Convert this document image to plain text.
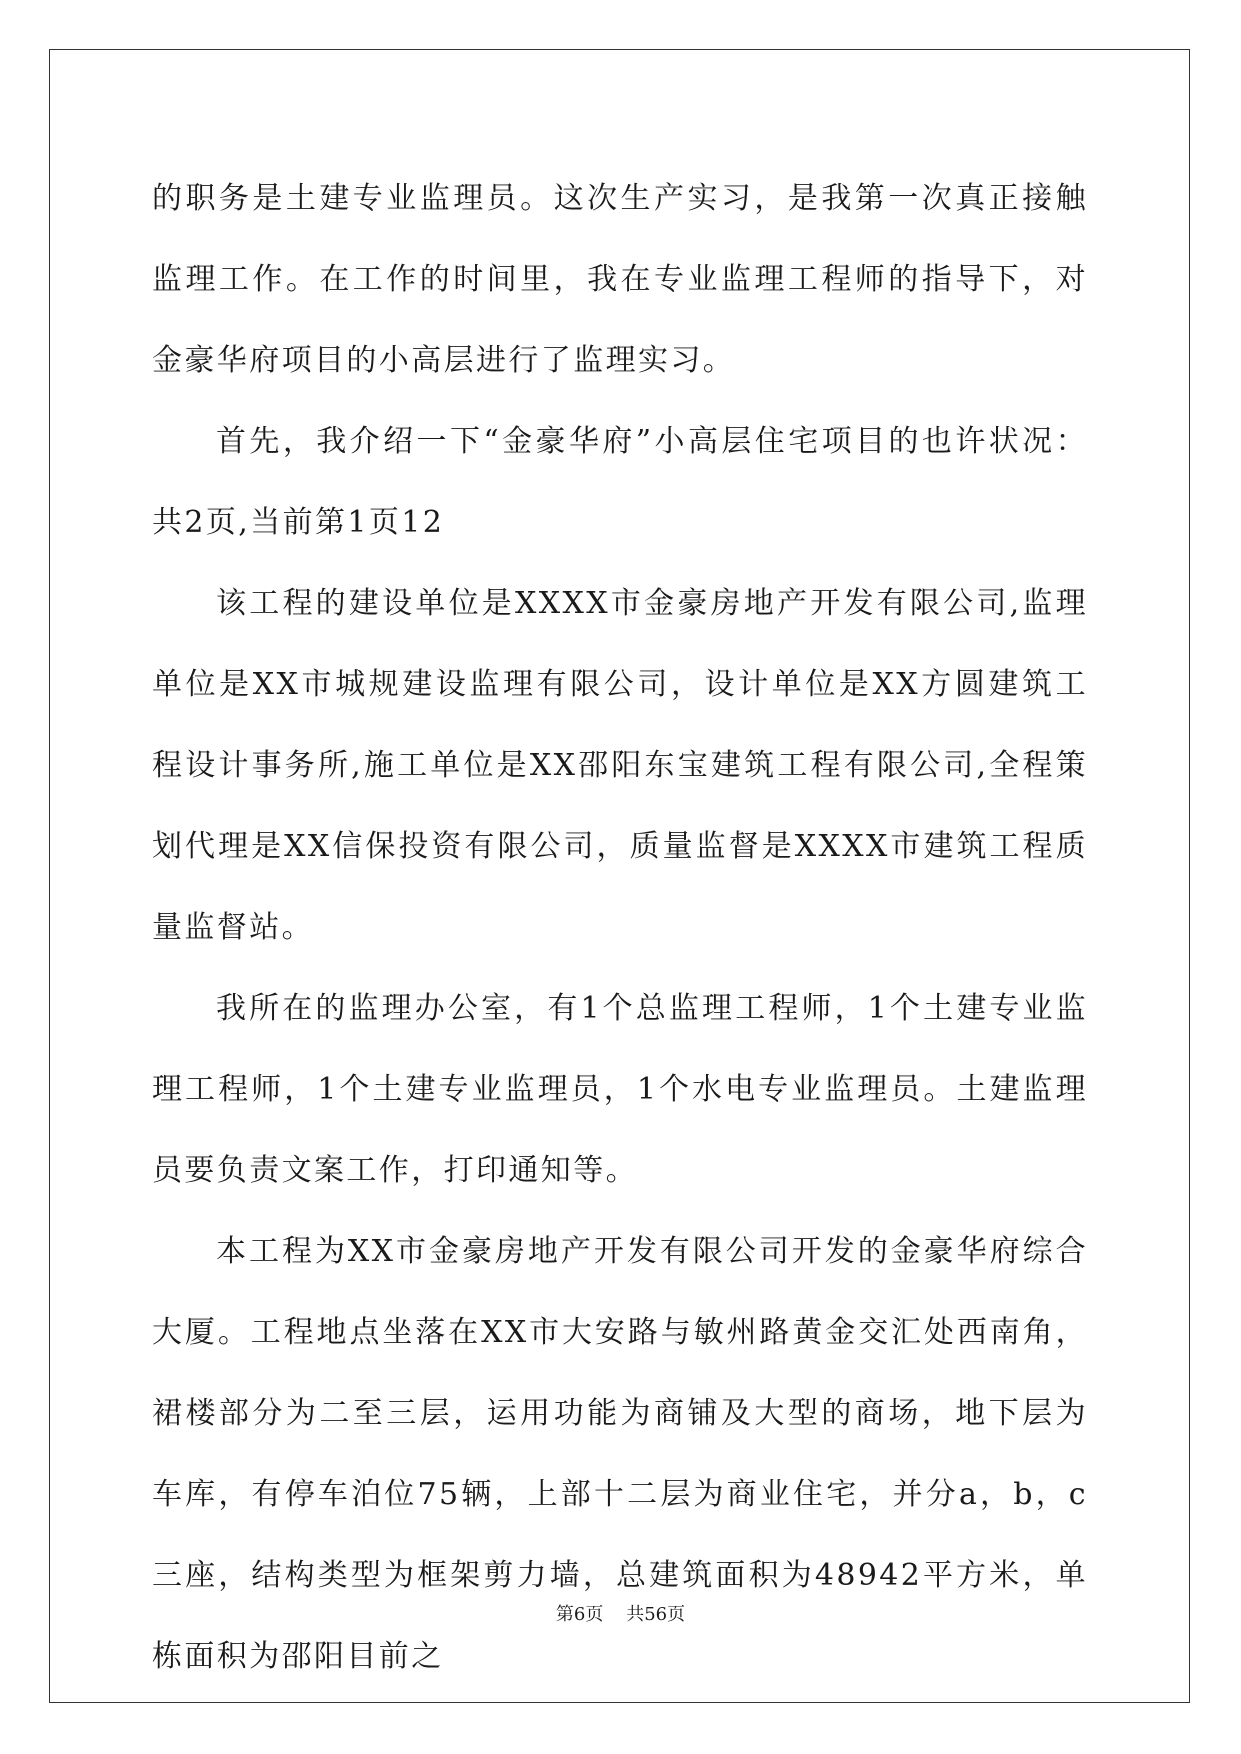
的职务是土建专业监理员。这次生产实习，是我第一次真正接触监理工作。在工作的时间里，我在专业监理工程师的指导下，对金豪华府项目的小高层进行了监理实习。

首先，我介绍一下“金豪华府”小高层住宅项目的也许状况：共2页,当前第1页12

该工程的建设单位是XXXX市金豪房地产开发有限公司,监理单位是XX市城规建设监理有限公司，设计单位是XX方圆建筑工程设计事务所,施工单位是XX邵阳东宝建筑工程有限公司,全程策划代理是XX信保投资有限公司，质量监督是XXXX市建筑工程质量监督站。

我所在的监理办公室，有1个总监理工程师，1个土建专业监理工程师，1个土建专业监理员，1个水电专业监理员。土建监理员要负责文案工作，打印通知等。

本工程为XX市金豪房地产开发有限公司开发的金豪华府综合大厦。工程地点坐落在XX市大安路与敏州路黄金交汇处西南角，裙楼部分为二至三层，运用功能为商铺及大型的商场，地下层为车库，有停车泊位75辆，上部十二层为商业住宅，并分a，b，c三座，结构类型为框架剪力墙，总建筑面积为48942平方米，单栋面积为邵阳目前之

第6页 共56页
